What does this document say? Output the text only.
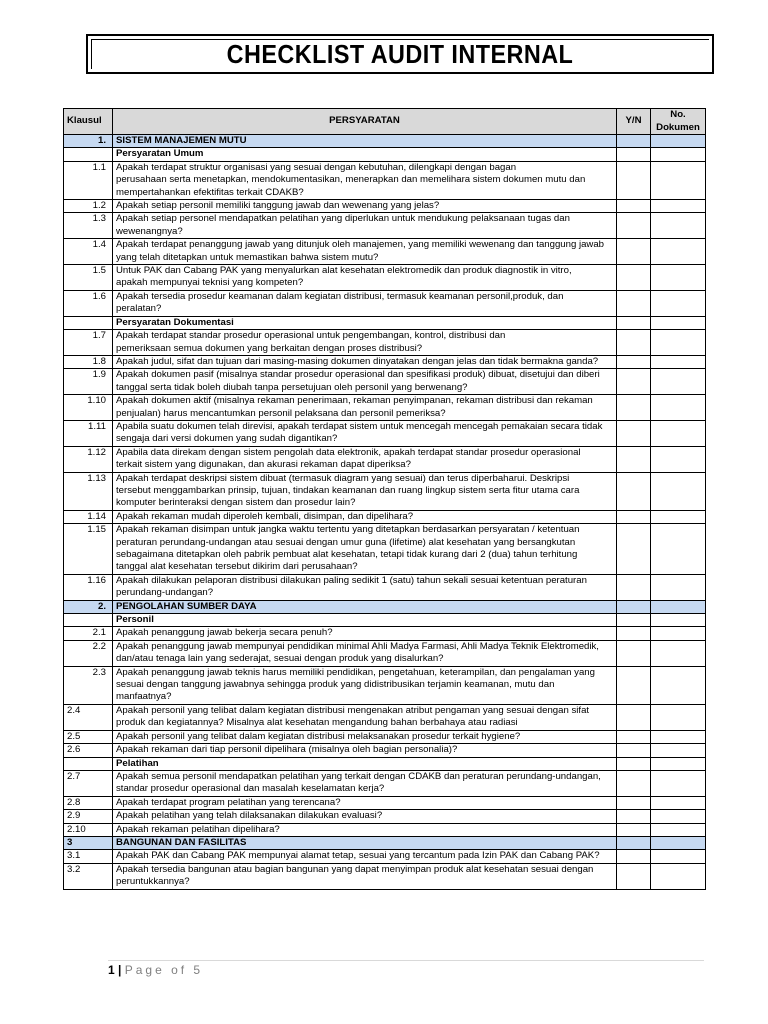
CHECKLIST AUDIT INTERNAL
Klausul	PERSYARATAN	Y/N	No. Dokumen
1.	SISTEM MANAJEMEN MUTU		
	Persyaratan Umum		
1.1	Apakah terdapat struktur organisasi yang sesuai dengan kebutuhan, dilengkapi dengan bagan
perusahaan serta menetapkan, mendokumentasikan, menerapkan dan memelihara sistem dokumen mutu dan
mempertahankan efektifitas terkait CDAKB?		
1.2	Apakah setiap personil memiliki tanggung jawab dan wewenang yang jelas?		
1.3	Apakah setiap personel mendapatkan pelatihan yang diperlukan untuk mendukung pelaksanaan tugas dan
wewenangnya?		
1.4	Apakah terdapat penanggung jawab yang ditunjuk oleh manajemen, yang memiliki wewenang dan tanggung jawab
yang telah ditetapkan untuk memastikan bahwa sistem mutu?		
1.5	Untuk PAK dan Cabang PAK yang menyalurkan alat kesehatan elektromedik dan produk diagnostik in vitro,
apakah mempunyai teknisi yang kompeten?		
1.6	Apakah tersedia prosedur keamanan dalam kegiatan distribusi, termasuk keamanan personil,produk, dan
peralatan?		
	Persyaratan Dokumentasi		
1.7	Apakah terdapat standar prosedur operasional untuk pengembangan, kontrol, distribusi dan
pemeriksaan semua dokumen yang berkaitan dengan proses distribusi?		
1.8	Apakah judul, sifat dan tujuan dari masing-masing dokumen dinyatakan dengan jelas dan tidak bermakna ganda?		
1.9	Apakah dokumen pasif (misalnya standar prosedur operasional dan spesifikasi produk) dibuat, disetujui dan diberi
tanggal serta tidak boleh diubah tanpa persetujuan oleh personil yang berwenang?		
1.10	Apakah dokumen aktif (misalnya rekaman penerimaan, rekaman penyimpanan, rekaman distribusi dan rekaman
penjualan) harus mencantumkan personil pelaksana dan personil pemeriksa?		
1.11	Apabila suatu dokumen telah direvisi, apakah terdapat sistem untuk mencegah mencegah pemakaian secara tidak
sengaja dari versi dokumen yang sudah digantikan?		
1.12	Apabila data direkam dengan sistem pengolah data elektronik, apakah terdapat standar prosedur operasional
terkait sistem yang digunakan, dan akurasi rekaman dapat diperiksa?		
1.13	Apakah terdapat deskripsi sistem dibuat (termasuk diagram yang sesuai) dan terus diperbaharui. Deskripsi
tersebut menggambarkan prinsip, tujuan, tindakan keamanan dan ruang lingkup sistem serta fitur utama cara
komputer berinteraksi dengan sistem dan prosedur lain?		
1.14	Apakah rekaman mudah diperoleh kembali, disimpan, dan dipelihara?		
1.15	Apakah rekaman disimpan untuk jangka waktu tertentu yang ditetapkan berdasarkan persyaratan / ketentuan
peraturan perundang-undangan atau sesuai dengan umur guna (lifetime) alat kesehatan yang bersangkutan
sebagaimana ditetapkan oleh pabrik pembuat alat kesehatan, tetapi tidak kurang dari 2 (dua) tahun terhitung
tanggal alat kesehatan tersebut dikirim dari perusahaan?		
1.16	Apakah dilakukan pelaporan distribusi dilakukan paling sedikit 1 (satu) tahun sekali sesuai ketentuan peraturan
perundang-undangan?		
2.	PENGOLAHAN SUMBER DAYA		
	Personil		
2.1	Apakah penanggung jawab bekerja secara penuh?		
2.2	Apakah penanggung jawab mempunyai pendidikan minimal Ahli Madya Farmasi, Ahli Madya Teknik Elektromedik,
dan/atau tenaga lain yang sederajat, sesuai dengan produk yang disalurkan?		
2.3	Apakah penanggung jawab teknis harus memiliki pendidikan, pengetahuan, keterampilan, dan pengalaman yang
sesuai dengan tanggung jawabnya sehingga produk yang didistribusikan terjamin keamanan, mutu dan
manfaatnya?		
2.4	Apakah personil yang telibat dalam kegiatan distribusi mengenakan atribut pengaman yang sesuai dengan sifat
produk dan kegiatannya? Misalnya alat kesehatan mengandung bahan berbahaya atau radiasi		
2.5	Apakah personil yang telibat dalam kegiatan distribusi melaksanakan prosedur terkait hygiene?		
2.6	Apakah rekaman dari tiap personil dipelihara (misalnya oleh bagian personalia)?		
	Pelatihan		
2.7	Apakah semua personil mendapatkan pelatihan yang terkait dengan CDAKB dan peraturan perundang-undangan,
standar prosedur operasional dan masalah keselamatan kerja?		
2.8	Apakah terdapat program pelatihan yang terencana?		
2.9	Apakah pelatihan yang telah dilaksanakan dilakukan evaluasi?		
2.10	Apakah rekaman pelatihan dipelihara?		
3	BANGUNAN DAN FASILITAS		
3.1	Apakah PAK dan Cabang PAK mempunyai alamat tetap, sesuai yang tercantum pada Izin PAK dan Cabang PAK?		
3.2	Apakah tersedia bangunan atau bagian bangunan yang dapat menyimpan produk alat kesehatan sesuai dengan
peruntukkannya?		
1 | Page of 5
